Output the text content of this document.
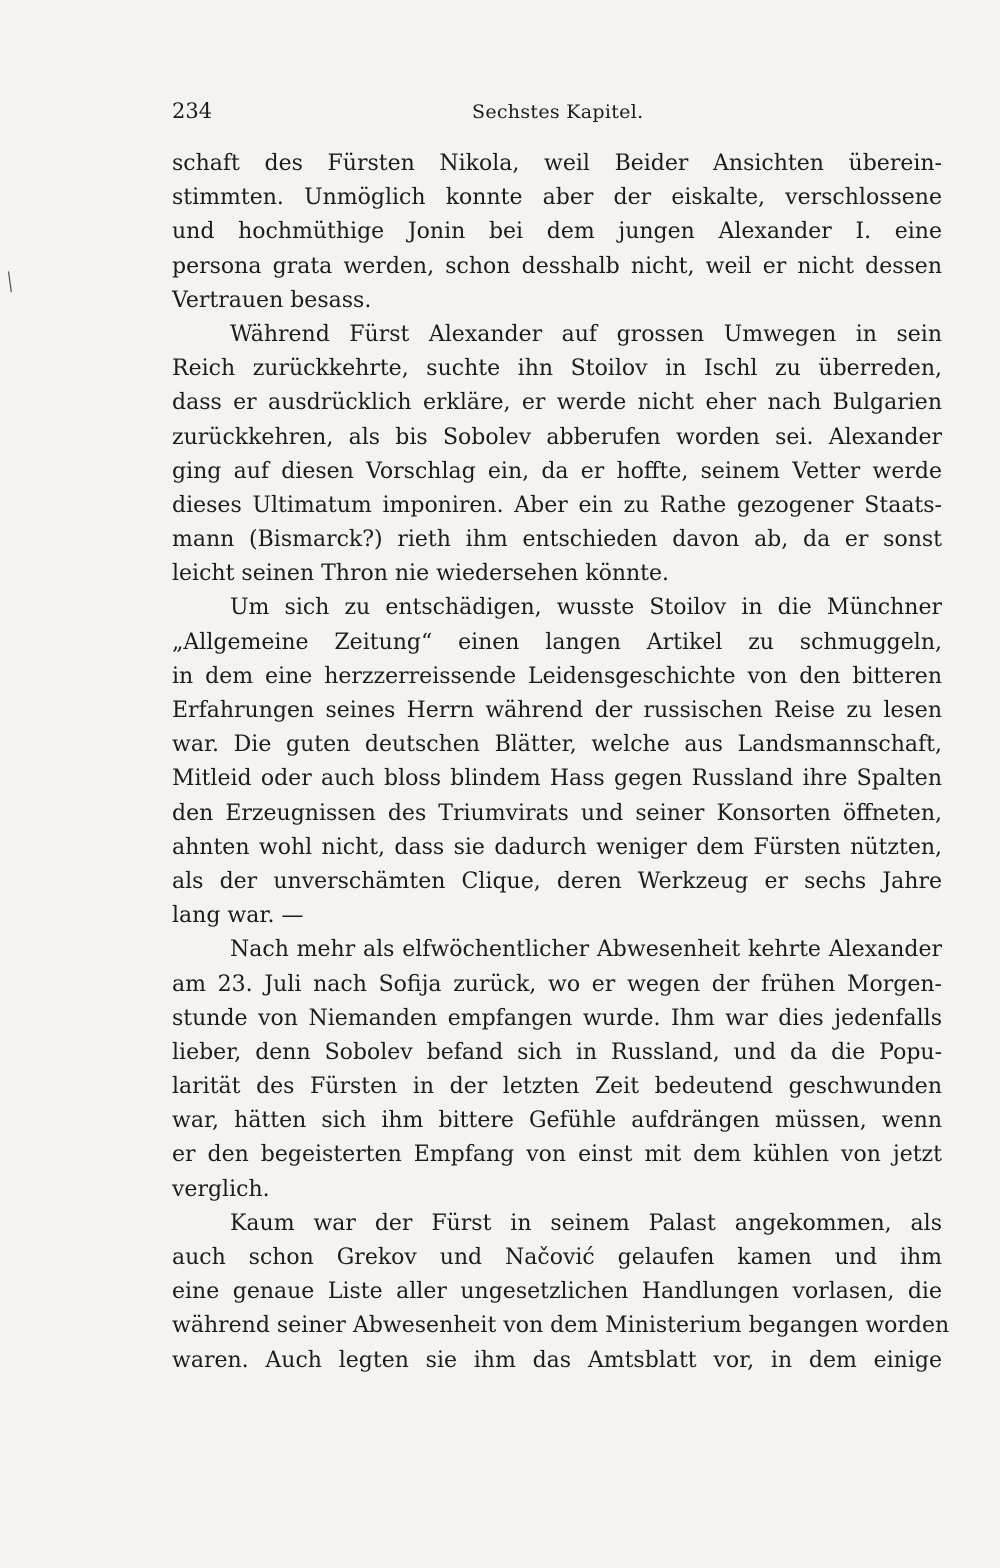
╱
234	Sechstes Kapitel.
schaft des Fürsten Nikola, weil Beider Ansichten überein-
stimmten. Unmöglich konnte aber der eiskalte, verschlossene
und hochmüthige Jonin bei dem jungen Alexander I. eine
persona grata werden, schon desshalb nicht, weil er nicht dessen
Vertrauen besass.
Während Fürst Alexander auf grossen Umwegen in sein
Reich zurückkehrte, suchte ihn Stoilov in Ischl zu überreden,
dass er ausdrücklich erkläre, er werde nicht eher nach Bulgarien
zurückkehren, als bis Sobolev abberufen worden sei. Alexander
ging auf diesen Vorschlag ein, da er hoffte, seinem Vetter werde
dieses Ultimatum imponiren. Aber ein zu Rathe gezogener Staats-
mann (Bismarck?) rieth ihm entschieden davon ab, da er sonst
leicht seinen Thron nie wiedersehen könnte.
Um sich zu entschädigen, wusste Stoilov in die Münchner
„Allgemeine Zeitung“ einen langen Artikel zu schmuggeln,
in dem eine herzzerreissende Leidensgeschichte von den bitteren
Erfahrungen seines Herrn während der russischen Reise zu lesen
war. Die guten deutschen Blätter, welche aus Landsmannschaft,
Mitleid oder auch bloss blindem Hass gegen Russland ihre Spalten
den Erzeugnissen des Triumvirats und seiner Konsorten öffneten,
ahnten wohl nicht, dass sie dadurch weniger dem Fürsten nützten,
als der unverschämten Clique, deren Werkzeug er sechs Jahre
lang war. —
Nach mehr als elfwöchentlicher Abwesenheit kehrte Alexander
am 23. Juli nach Sofija zurück, wo er wegen der frühen Morgen-
stunde von Niemanden empfangen wurde. Ihm war dies jedenfalls
lieber, denn Sobolev befand sich in Russland, und da die Popu-
larität des Fürsten in der letzten Zeit bedeutend geschwunden
war, hätten sich ihm bittere Gefühle aufdrängen müssen, wenn
er den begeisterten Empfang von einst mit dem kühlen von jetzt
verglich.
Kaum war der Fürst in seinem Palast angekommen, als
auch schon Grekov und Načović gelaufen kamen und ihm
eine genaue Liste aller ungesetzlichen Handlungen vorlasen, die
während seiner Abwesenheit von dem Ministerium begangen worden
waren. Auch legten sie ihm das Amtsblatt vor, in dem einige
